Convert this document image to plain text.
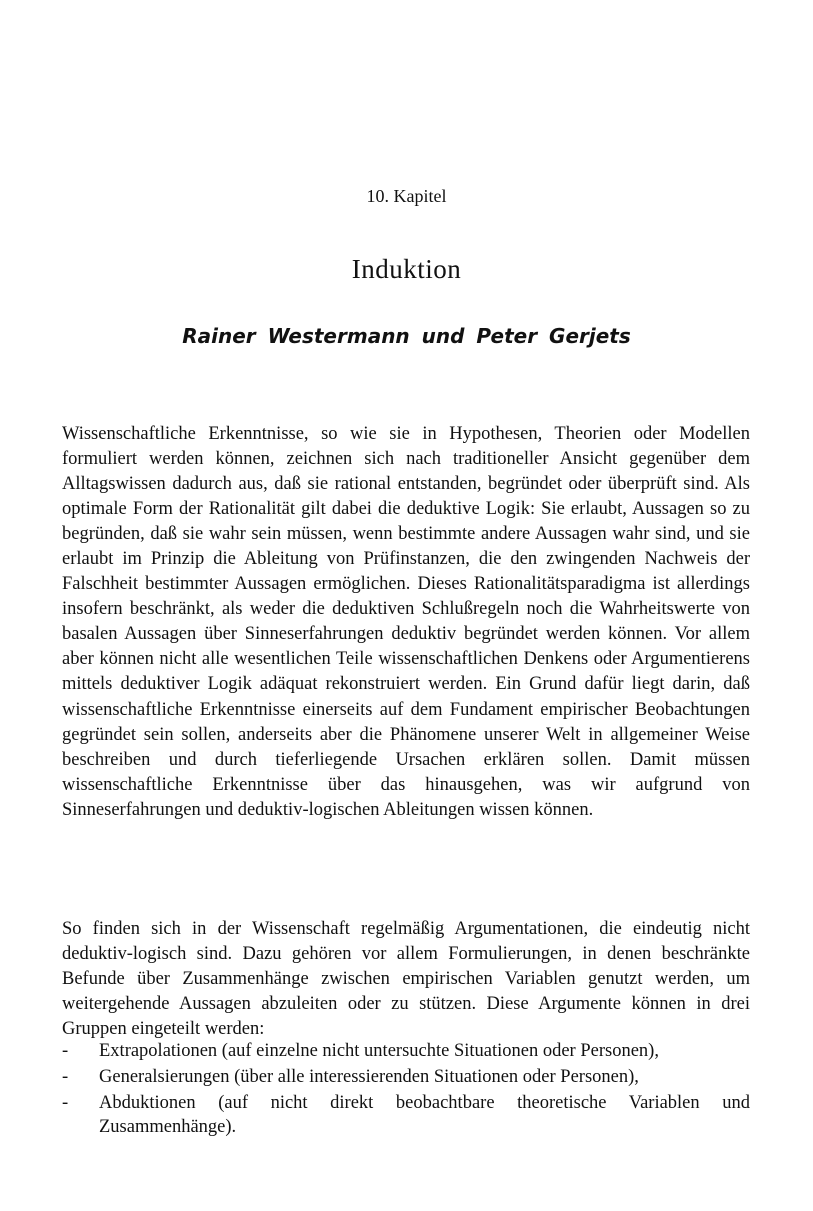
10. Kapitel
Induktion
Rainer Westermann und Peter Gerjets

Wissenschaftliche Erkenntnisse, so wie sie in Hypothesen, Theorien oder Modellen formuliert werden können, zeichnen sich nach traditioneller Ansicht gegenüber dem Alltagswissen dadurch aus, daß sie rational entstanden, begründet oder überprüft sind. Als optimale Form der Rationalität gilt dabei die deduktive Logik: Sie erlaubt, Aussagen so zu begründen, daß sie wahr sein müssen, wenn bestimmte andere Aussagen wahr sind, und sie erlaubt im Prinzip die Ableitung von Prüfinstanzen, die den zwingenden Nachweis der Falschheit bestimmter Aussagen ermöglichen. Dieses Rationalitätsparadigma ist allerdings insofern beschränkt, als weder die deduktiven Schlußregeln noch die Wahrheitswerte von basalen Aussagen über Sinneserfahrungen deduktiv begründet werden können. Vor allem aber können nicht alle wesentlichen Teile wissenschaftlichen Denkens oder Argumentierens mittels deduktiver Logik adäquat rekonstruiert werden. Ein Grund dafür liegt darin, daß wissenschaftliche Erkenntnisse einerseits auf dem Fundament empirischer Beobachtungen gegründet sein sollen, anderseits aber die Phänomene unserer Welt in allgemeiner Weise beschreiben und durch tieferliegende Ursachen erklären sollen. Damit müssen wissenschaftliche Erkenntnisse über das hinausgehen, was wir aufgrund von Sinneserfahrungen und deduktiv-logischen Ableitungen wissen können.

So finden sich in der Wissenschaft regelmäßig Argumentationen, die eindeutig nicht deduktiv-logisch sind. Dazu gehören vor allem Formulierungen, in denen beschränkte Befunde über Zusammenhänge zwischen empirischen Variablen genutzt werden, um weitergehende Aussagen abzuleiten oder zu stützen. Diese Argumente können in drei Gruppen eingeteilt werden:

- Extrapolationen (auf einzelne nicht untersuchte Situationen oder Personen),
- Generalsierungen (über alle interessierenden Situationen oder Personen),
- Abduktionen (auf nicht direkt beobachtbare theoretische Variablen und Zusammenhänge).
